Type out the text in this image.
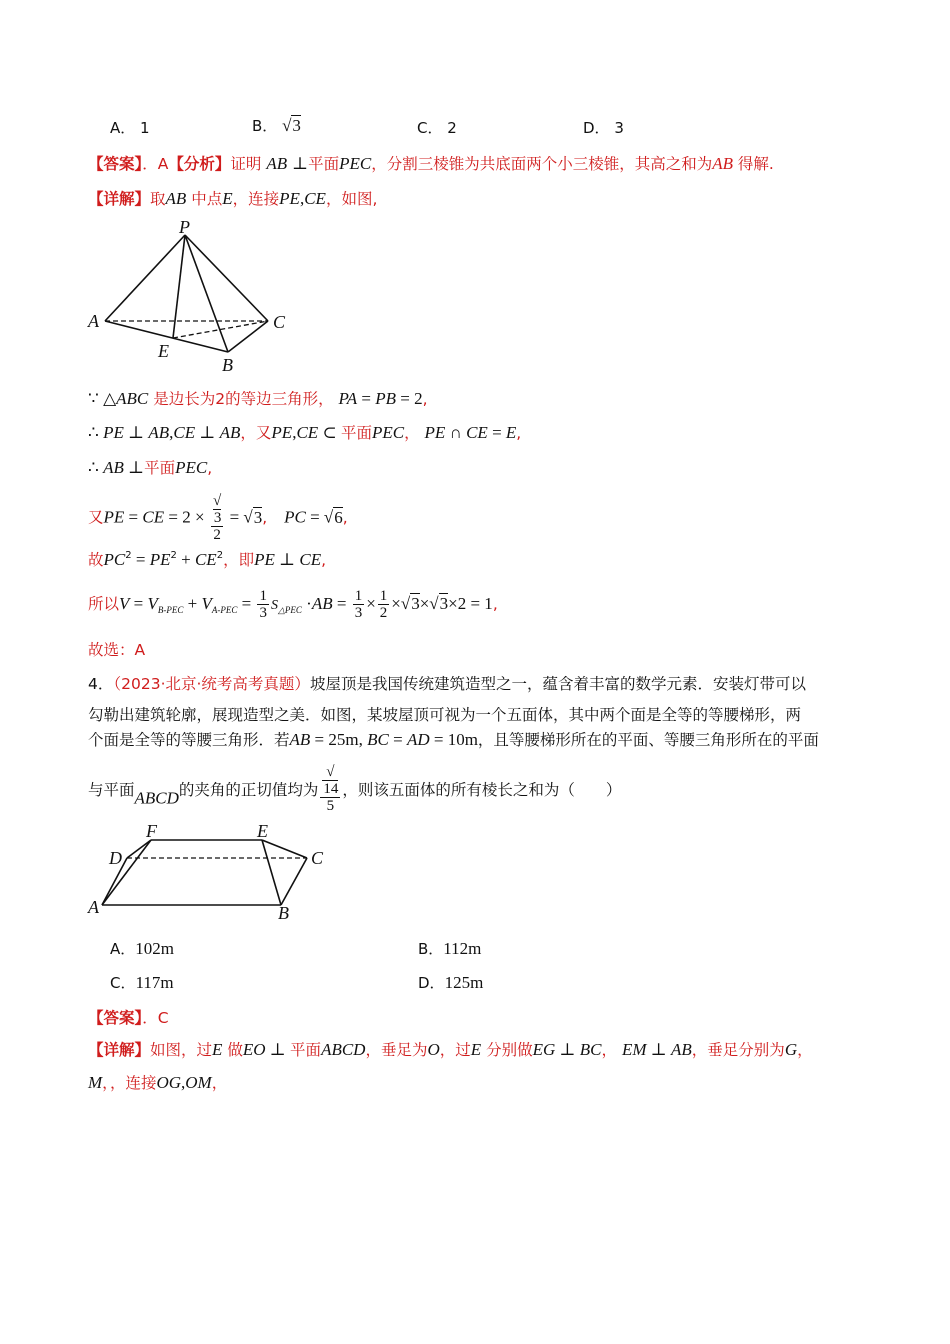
A． 1	B． √3	C． 2	D． 3
【答案】．A【分析】证明 AB ⊥平面PEC，分割三棱锥为共底面两个小三棱锥，其高之和为AB 得解.
【详解】取AB 中点E，连接PE,CE，如图,
P
A	C
E
B
∵ △ABC 是边长为2的等边三角形， PA = PB = 2,
∴ PE ⊥ AB,CE ⊥ AB，又PE,CE ⊂ 平面PEC， PE ∩ CE = E,
∴ AB ⊥平面PEC,
又PE = CE = 2 × √
3
2 = √3, PC = √6,
故$PC^2 = PE^2 + CE^2$，即PE ⊥ CE,
所以$V = V_{B-PEC} + V_{A-PEC} = \frac{1}{3} S_{\triangle PEC} \cdot AB = \frac{1}{3} \times \frac{1}{2} \times√3\times√3\times 2 = 1$,
故选：A
4．（2023·北京·统考高考真题）坡屋顶是我国传统建筑造型之一，蕴含着丰富的数学元素．安装灯带可以
勾勒出建筑轮廓，展现造型之美．如图，某坡屋顶可视为一个五面体，其中两个面是全等的等腰梯形，两
个面是全等的等腰三角形．若AB = 25m, BC = AD = 10m，且等腰梯形所在的平面、等腰三角形所在的平面
与平面ABCD的夹角的正切值均为 √
14
5 ，则该五面体的所有棱长之和为（　　）
F	E
D	C
A	B
A．102m	B．112m
C．117m	D．125m
【答案】．C
【详解】如图，过E 做EO ⊥ 平面ABCD，垂足为O，过E 分别做EG ⊥ BC， EM ⊥ AB，垂足分别为G，
M，，连接OG,OM，
